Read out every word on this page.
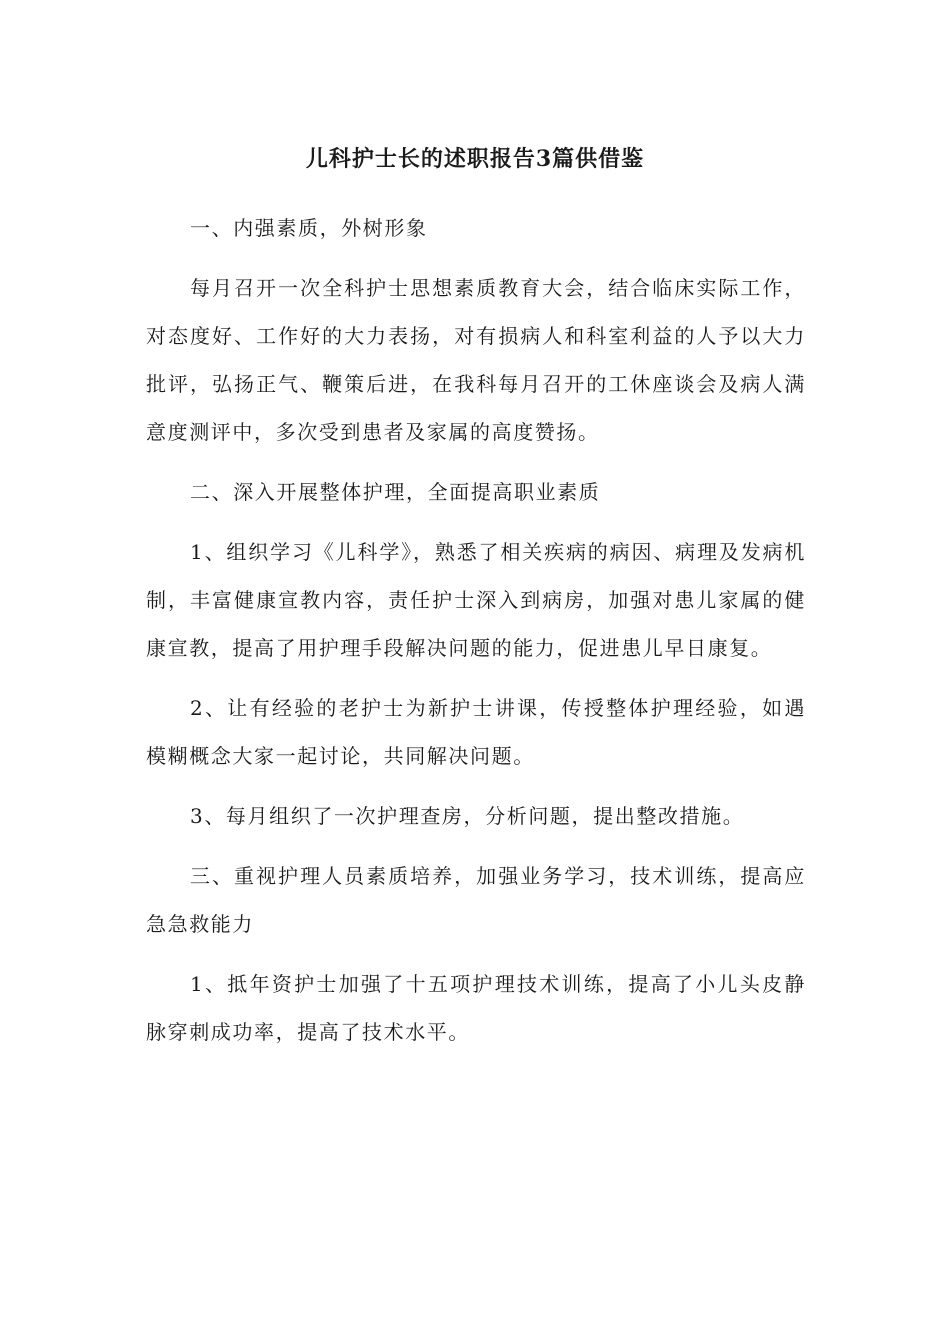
儿科护士长的述职报告3篇供借鉴

一、内强素质，外树形象

每月召开一次全科护士思想素质教育大会，结合临床实际工作，对态度好、工作好的大力表扬，对有损病人和科室利益的人予以大力批评，弘扬正气、鞭策后进，在我科每月召开的工休座谈会及病人满意度测评中，多次受到患者及家属的高度赞扬。

二、深入开展整体护理，全面提高职业素质

1、组织学习《儿科学》，熟悉了相关疾病的病因、病理及发病机制，丰富健康宣教内容，责任护士深入到病房，加强对患儿家属的健康宣教，提高了用护理手段解决问题的能力，促进患儿早日康复。

2、让有经验的老护士为新护士讲课，传授整体护理经验，如遇模糊概念大家一起讨论，共同解决问题。

3、每月组织了一次护理查房，分析问题，提出整改措施。

三、重视护理人员素质培养，加强业务学习，技术训练，提高应急急救能力

1、抵年资护士加强了十五项护理技术训练，提高了小儿头皮静脉穿刺成功率，提高了技术水平。
